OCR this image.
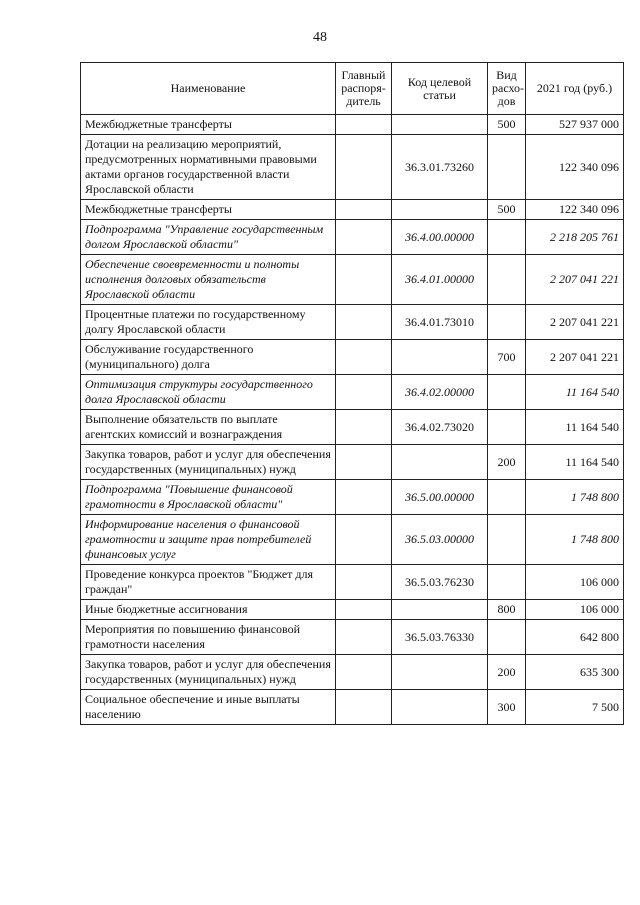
48
Наименование	Главный распоря-дитель	Код целевой статьи	Вид расхо-дов	2021 год (руб.)
Межбюджетные трансферты			500	527 937 000
Дотации на реализацию мероприятий, предусмотренных нормативными правовыми актами органов государственной власти Ярославской области		36.3.01.73260		122 340 096
Межбюджетные трансферты			500	122 340 096
Подпрограмма "Управление государственным долгом Ярославской области"		36.4.00.00000		2 218 205 761
Обеспечение своевременности и полноты исполнения долговых обязательств Ярославской области		36.4.01.00000		2 207 041 221
Процентные платежи по государственному долгу Ярославской области		36.4.01.73010		2 207 041 221
Обслуживание государственного (муниципального) долга			700	2 207 041 221
Оптимизация структуры государственного долга Ярославской области		36.4.02.00000		11 164 540
Выполнение обязательств по выплате агентских комиссий и вознаграждения		36.4.02.73020		11 164 540
Закупка товаров, работ и услуг для обеспечения государственных (муниципальных) нужд			200	11 164 540
Подпрограмма "Повышение финансовой грамотности в Ярославской области"		36.5.00.00000		1 748 800
Информирование населения о финансовой грамотности и защите прав потребителей финансовых услуг		36.5.03.00000		1 748 800
Проведение конкурса проектов "Бюджет для граждан"		36.5.03.76230		106 000
Иные бюджетные ассигнования			800	106 000
Мероприятия по повышению финансовой грамотности населения		36.5.03.76330		642 800
Закупка товаров, работ и услуг для обеспечения государственных (муниципальных) нужд			200	635 300
Социальное обеспечение и иные выплаты населению			300	7 500
